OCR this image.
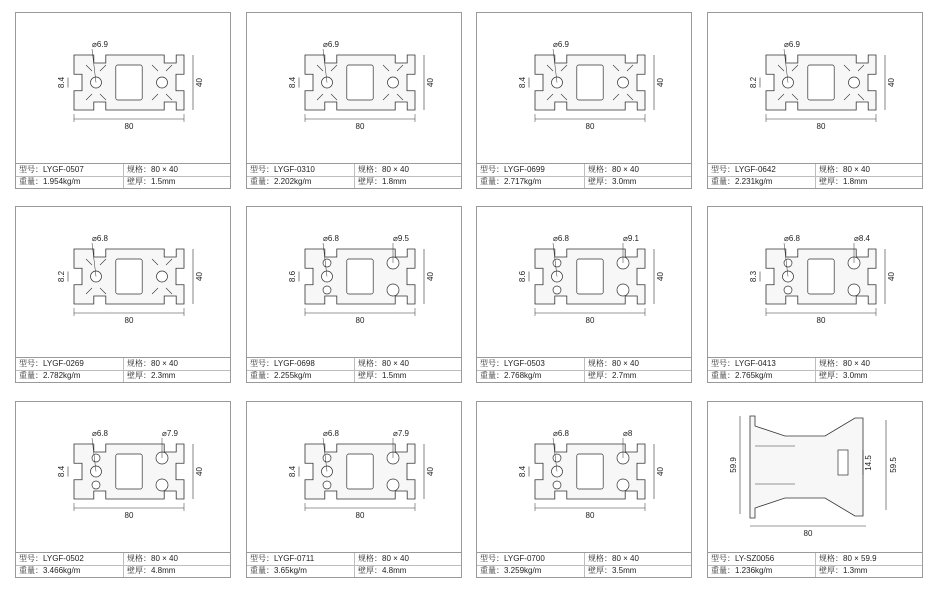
80
40
8.4
⌀6.9
型号：LYGF-0507	规格：80 × 40
重量：1.954kg/m	壁厚：1.5mm
80
40
8.4
⌀6.9
型号：LYGF-0310	规格：80 × 40
重量：2.202kg/m	壁厚：1.8mm
80
40
8.4
⌀6.9
型号：LYGF-0699	规格：80 × 40
重量：2.717kg/m	壁厚：3.0mm
80
40
8.2
⌀6.9
型号：LYGF-0642	规格：80 × 40
重量：2.231kg/m	壁厚：1.8mm
80
40
8.2
⌀6.8
型号：LYGF-0269	规格：80 × 40
重量：2.782kg/m	壁厚：2.3mm
80
40
8.6
⌀6.8	⌀9.5
型号：LYGF-0698	规格：80 × 40
重量：2.255kg/m	壁厚：1.5mm
80
40
8.6
⌀6.8	⌀9.1
型号：LYGF-0503	规格：80 × 40
重量：2.768kg/m	壁厚：2.7mm
80
40
8.3
⌀6.8	⌀8.4
型号：LYGF-0413	规格：80 × 40
重量：2.765kg/m	壁厚：3.0mm
80
40
8.4
⌀6.8	⌀7.9
型号：LYGF-0502	规格：80 × 40
重量：3.466kg/m	壁厚：4.8mm
80
40
8.4
⌀6.8	⌀7.9
型号：LYGF-0711	规格：80 × 40
重量：3.65kg/m	壁厚：4.8mm
80
40
8.4
⌀6.8	⌀8
型号：LYGF-0700	规格：80 × 40
重量：3.259kg/m	壁厚：3.5mm
59.9	59.5
14.5
80
型号：LY-SZ0056	规格：80 × 59.9
重量：1.236kg/m	壁厚：1.3mm
